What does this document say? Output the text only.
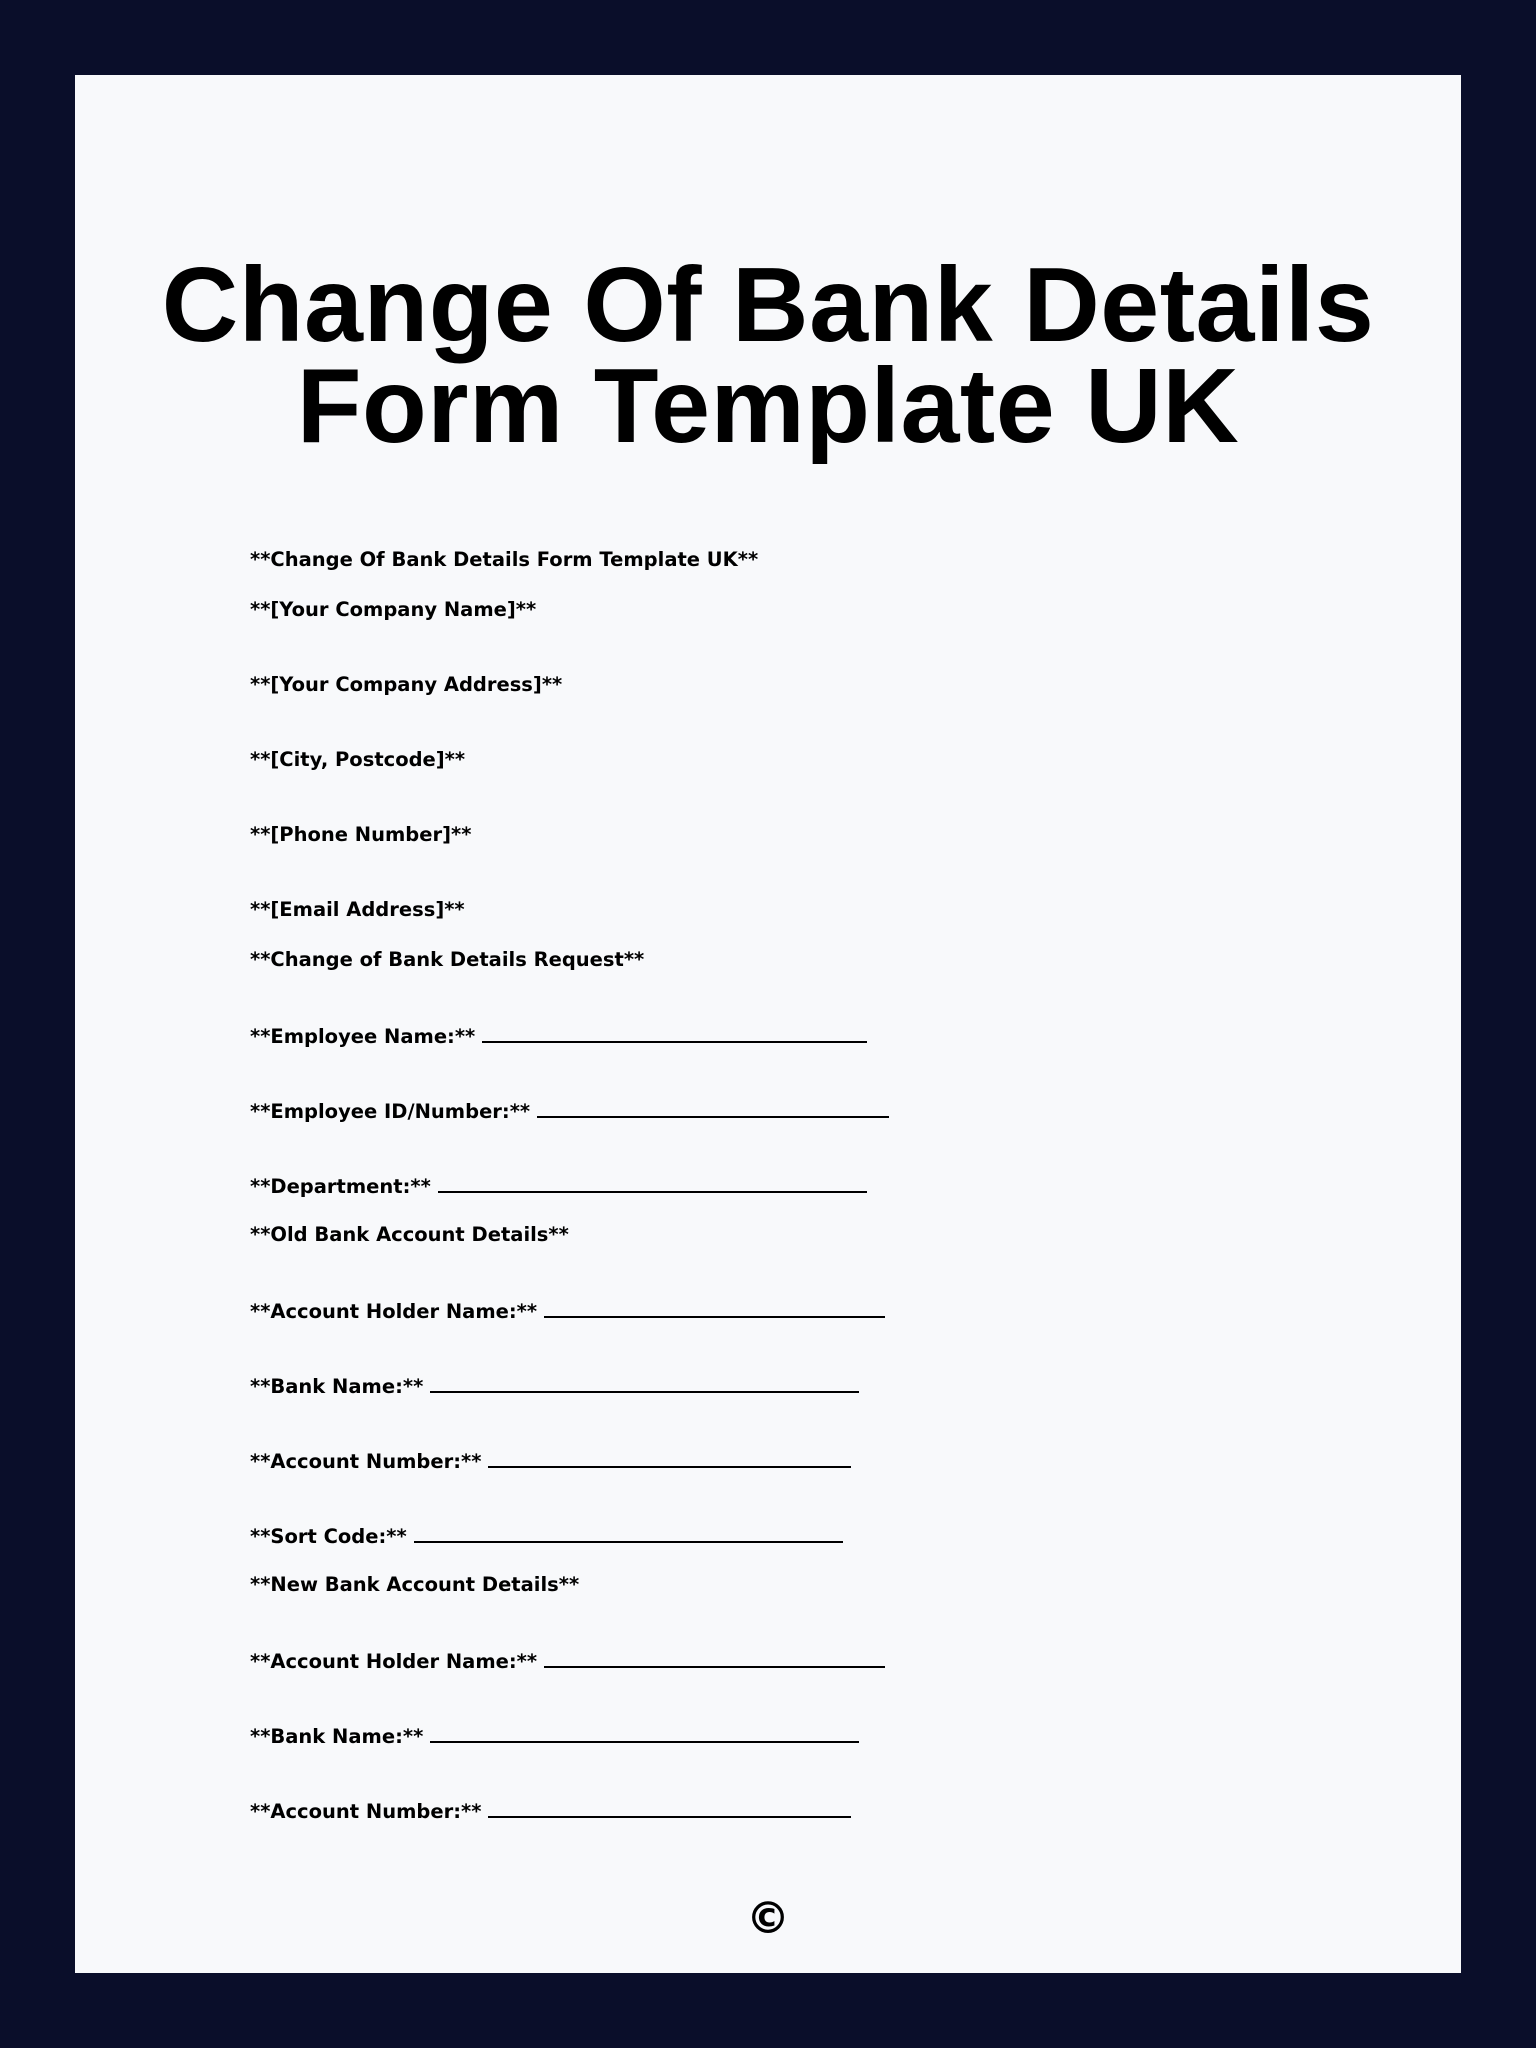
Change Of Bank Details
Form Template UK
**Change Of Bank Details Form Template UK**
**[Your Company Name]**
**[Your Company Address]**
**[City, Postcode]**
**[Phone Number]**
**[Email Address]**
**Change of Bank Details Request**
**Employee Name:**
**Employee ID/Number:**
**Department:**
**Old Bank Account Details**
**Account Holder Name:**
**Bank Name:**
**Account Number:**
**Sort Code:**
**New Bank Account Details**
**Account Holder Name:**
**Bank Name:**
**Account Number:**
©
